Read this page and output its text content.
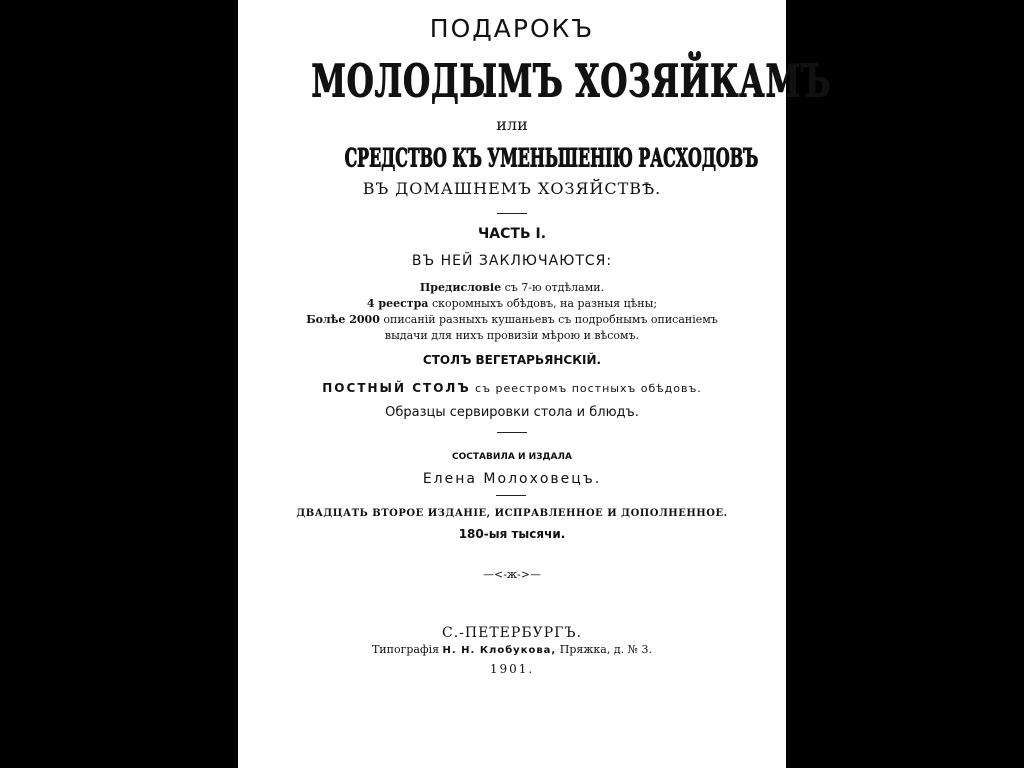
ПОДАРОКЪ
МОЛОДЫМЪ ХОЗЯЙКАМЪ
или
СРЕДСТВО КЪ УМЕНЬШЕНІЮ РАСХОДОВЪ
ВЪ ДОМАШНЕМЪ ХОЗЯЙСТВѢ.
ЧАСТЬ I.
ВЪ НЕЙ ЗАКЛЮЧАЮТСЯ:
Предисловіе съ 7-ю отдѣлами.
4 реестра скоромныхъ обѣдовъ, на разныя цѣны;
Болѣе 2000 описаній разныхъ кушаньевъ съ подробнымъ описаніемъ
выдачи для нихъ провизіи мѣрою и вѣсомъ.
СТОЛЪ ВЕГЕТАРЬЯНСКІЙ.
ПОСТНЫЙ СТОЛЪ съ реестромъ постныхъ обѣдовъ.
Образцы сервировки стола и блюдъ.
СОСТАВИЛА И ИЗДАЛА
Елена Молоховецъ.
ДВАДЦАТЬ ВТОРОЕ ИЗДАНІЕ, ИСПРАВЛЕННОЕ И ДОПОЛНЕННОЕ.
180-ыя тысячи.
—<-ж->—
С.-ПЕТЕРБУРГЪ.
Типографія Н. Н. Клобукова, Пряжка, д. № 3.
1901.
